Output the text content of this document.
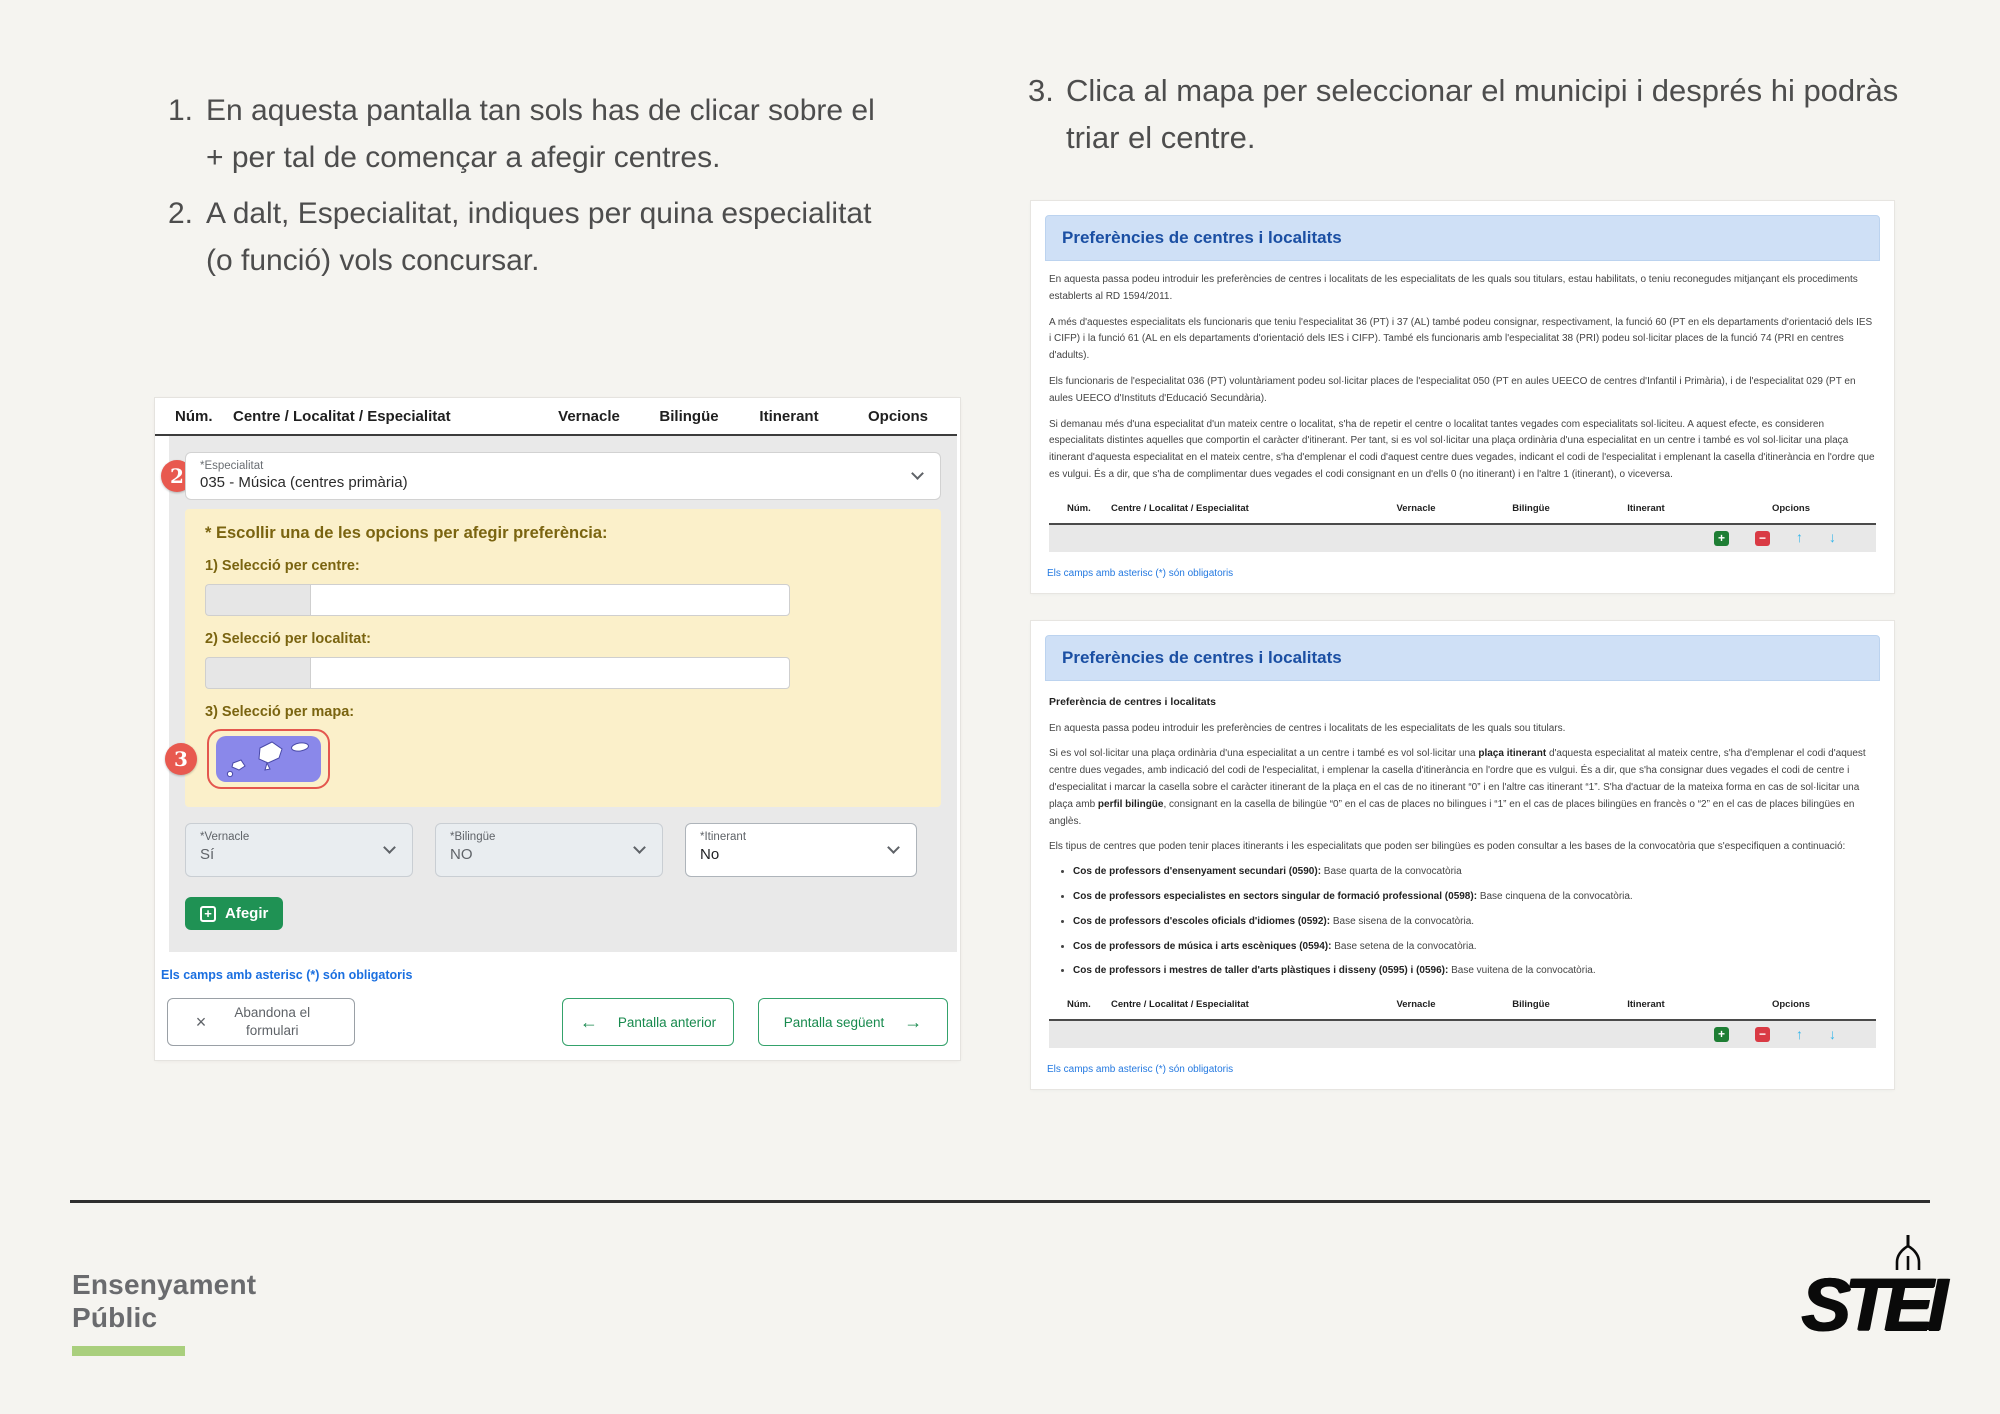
1. En aquesta pantalla tan sols has de clicar sobre el + per tal de començar a afegir centres.
2. A dalt, Especialitat, indiques per quina especialitat (o funció) vols concursar.
3. Clica al mapa per seleccionar el municipi i després hi podràs triar el centre.
Núm.	Centre / Localitat / Especialitat	Vernacle	Bilingüe	Itinerant	Opcions
2	*Especialitat
035 - Música (centres primària)
* Escollir una de les opcions per afegir preferència:
1) Selecció per centre:
2) Selecció per localitat:
3) Selecció per mapa:
3
*Vernacle
Sí
*Bilingüe
NO
*Itinerant
No
+ Afegir
Els camps amb asterisc (*) són obligatoris
×	Abandona el formulari	← Pantalla anterior	Pantalla següent →
Preferències de centres i localitats

En aquesta passa podeu introduir les preferències de centres i localitats de les especialitats de les quals sou titulars, estau habilitats, o teniu reconegudes mitjançant els procediments establerts al RD 1594/2011.

A més d'aquestes especialitats els funcionaris que teniu l'especialitat 36 (PT) i 37 (AL) també podeu consignar, respectivament, la funció 60 (PT en els departaments d'orientació dels IES i CIFP) i la funció 61 (AL en els departaments d'orientació dels IES i CIFP). També els funcionaris amb l'especialitat 38 (PRI) podeu sol·licitar places de la funció 74 (PRI en centres d'adults).

Els funcionaris de l'especialitat 036 (PT) voluntàriament podeu sol·licitar places de l'especialitat 050 (PT en aules UEECO de centres d'Infantil i Primària), i de l'especialitat 029 (PT en aules UEECO d'Instituts d'Educació Secundària).

Si demanau més d'una especialitat d'un mateix centre o localitat, s'ha de repetir el centre o localitat tantes vegades com especialitats sol·liciteu. A aquest efecte, es consideren especialitats distintes aquelles que comportin el caràcter d'itinerant. Per tant, si es vol sol·licitar una plaça ordinària d'una especialitat en un centre i també es vol sol·licitar una plaça itinerant d'aquesta especialitat en el mateix centre, s'ha d'emplenar el codi d'aquest centre dues vegades, indicant el codi de l'especialitat i emplenant la casella d'itinerància en l'ordre que es vulgui. És a dir, que s'ha de complimentar dues vegades el codi consignant en un d'ells 0 (no itinerant) i en l'altre 1 (itinerant), o viceversa.

Núm.	Centre / Localitat / Especialitat	Vernacle	Bilingüe	Itinerant	Opcions
+	− ↑ ↓
Els camps amb asterisc (*) són obligatoris
Preferències de centres i localitats
Preferència de centres i localitats

En aquesta passa podeu introduir les preferències de centres i localitats de les especialitats de les quals sou titulars.

Si es vol sol·licitar una plaça ordinària d'una especialitat a un centre i també es vol sol·licitar una plaça itinerant d'aquesta especialitat al mateix centre, s'ha d'emplenar el codi d'aquest centre dues vegades, amb indicació del codi de l'especialitat, i emplenar la casella d'itinerància en l'ordre que es vulgui. És a dir, que s'ha consignar dues vegades el codi de centre i d'especialitat i marcar la casella sobre el caràcter itinerant de la plaça en el cas de no itinerant “0” i en l'altre cas itinerant “1”. S'ha d'actuar de la mateixa forma en cas de sol·licitar una plaça amb perfil bilingüe, consignant en la casella de bilingüe “0” en el cas de places no bilingues i “1” en el cas de places bilingües en francès o “2” en el cas de places bilingües en anglès.

Els tipus de centres que poden tenir places itinerants i les especialitats que poden ser bilingües es poden consultar a les bases de la convocatòria que s'especifiquen a continuació:

• Cos de professors d'ensenyament secundari (0590): Base quarta de la convocatòria
• Cos de professors especialistes en sectors singular de formació professional (0598): Base cinquena de la convocatòria.
• Cos de professors d'escoles oficials d'idiomes (0592): Base sisena de la convocatòria.
• Cos de professors de música i arts escèniques (0594): Base setena de la convocatòria.
• Cos de professors i mestres de taller d'arts plàstiques i disseny (0595) i (0596): Base vuitena de la convocatòria.
Núm.	Centre / Localitat / Especialitat	Vernacle	Bilingüe	Itinerant	Opcions
+	− ↑ ↓
Els camps amb asterisc (*) són obligatoris
Ensenyament
Públic	STEI
